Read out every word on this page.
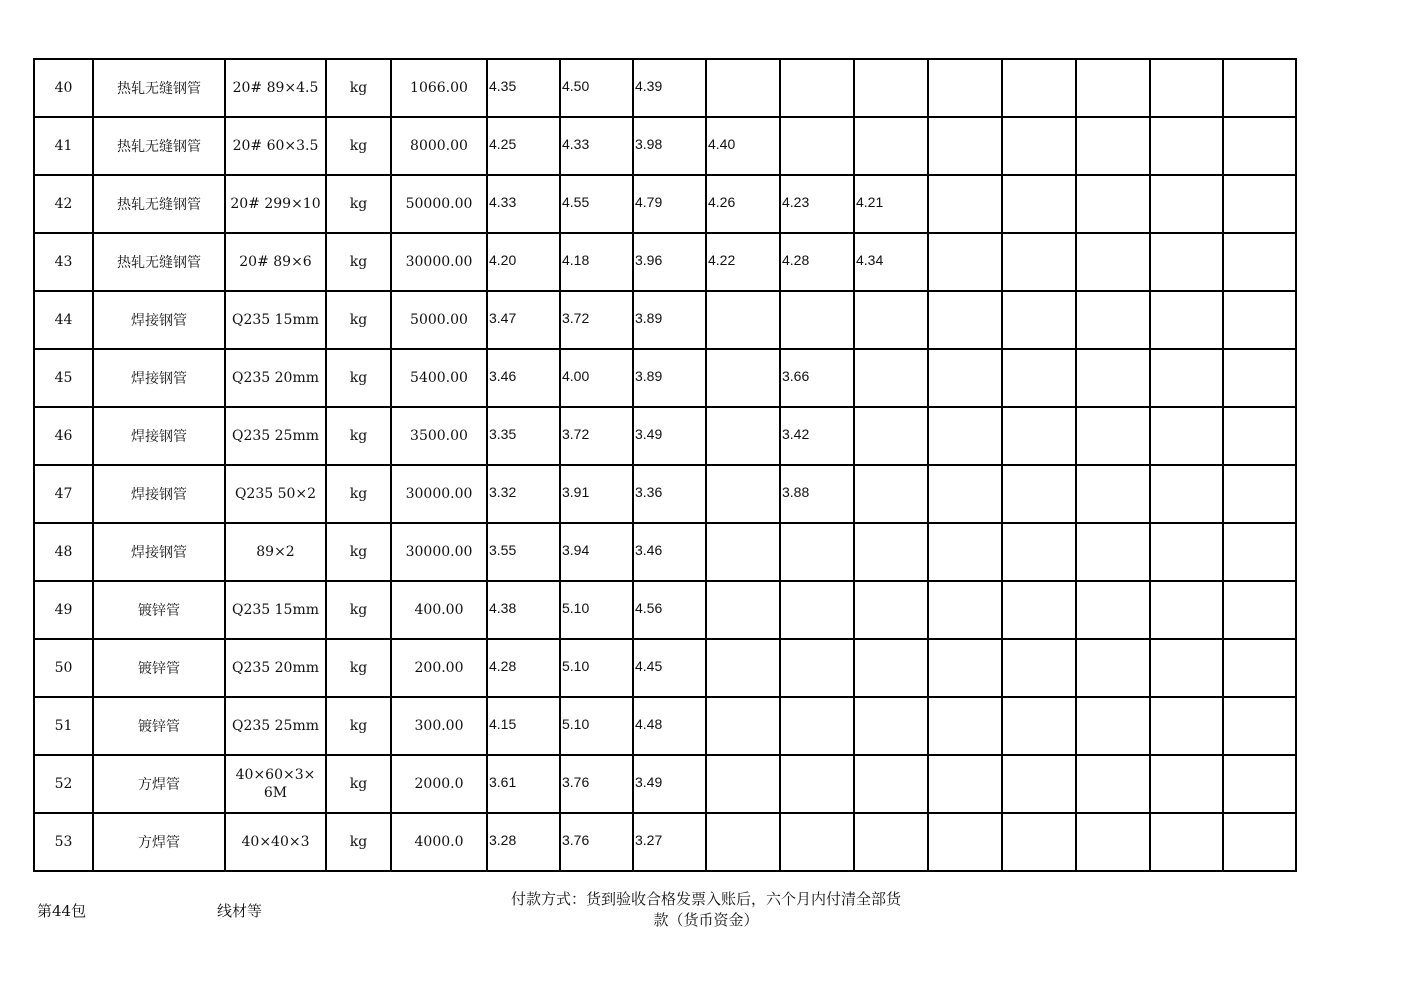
40	热轧无缝钢管	20# 89×4.5	kg	1066.00	4.35	4.50	4.39								

41	热轧无缝钢管	20# 60×3.5	kg	8000.00	4.25	4.33	3.98	4.40							

42	热轧无缝钢管	20# 299×10	kg	50000.00	4.33	4.55	4.79	4.26	4.23	4.21					

43	热轧无缝钢管	20# 89×6	kg	30000.00	4.20	4.18	3.96	4.22	4.28	4.34					

44	焊接钢管	Q235 15mm	kg	5000.00	3.47	3.72	3.89								

45	焊接钢管	Q235 20mm	kg	5400.00	3.46	4.00	3.89		3.66						

46	焊接钢管	Q235 25mm	kg	3500.00	3.35	3.72	3.49		3.42						

47	焊接钢管	Q235 50×2	kg	30000.00	3.32	3.91	3.36		3.88						

48	焊接钢管	89×2	kg	30000.00	3.55	3.94	3.46								

49	镀锌管	Q235 15mm	kg	400.00	4.38	5.10	4.56								

50	镀锌管	Q235 20mm	kg	200.00	4.28	5.10	4.45								

51	镀锌管	Q235 25mm	kg	300.00	4.15	5.10	4.48								

52	方焊管	40×60×3×
6M	kg	2000.0	3.61	3.76	3.49								

53	方焊管	40×40×3	kg	4000.0	3.28	3.76	3.27								

第44包	线材等
付款方式：货到验收合格发票入账后，六个月内付清全部货
款（货币资金）
